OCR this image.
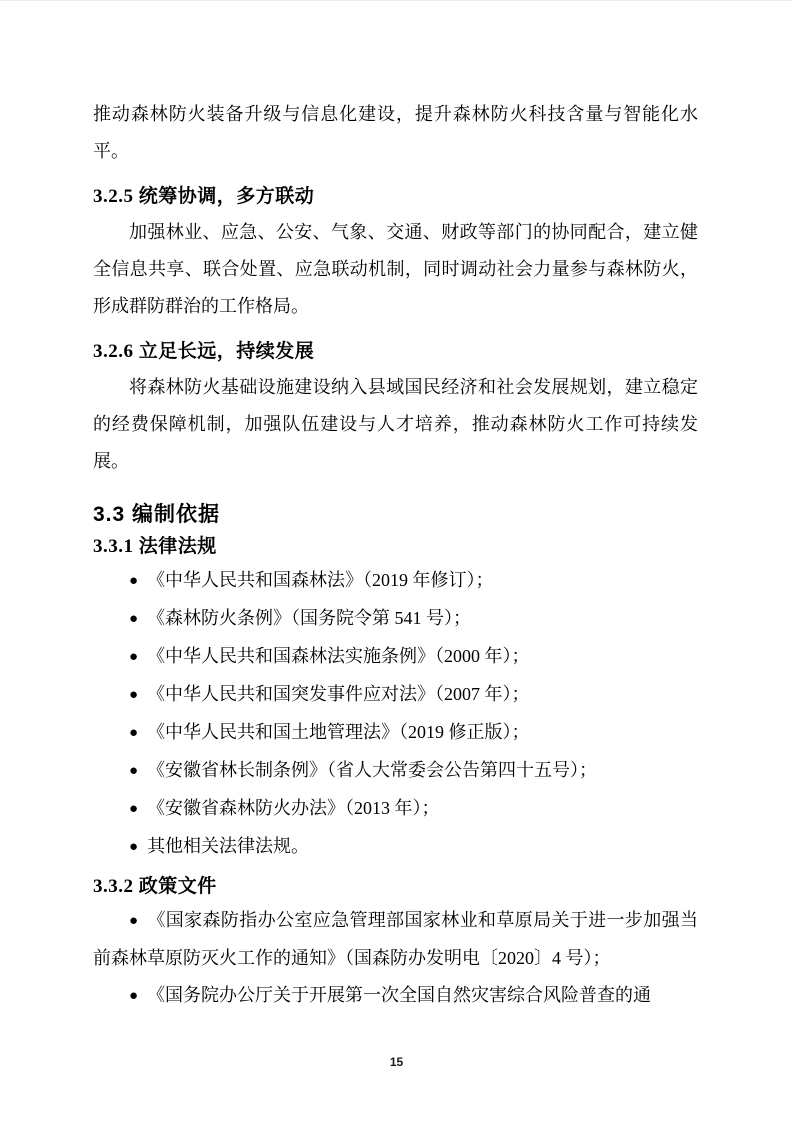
推动森林防火装备升级与信息化建设，提升森林防火科技含量与智能化水平。

3.2.5 统筹协调，多方联动

加强林业、应急、公安、气象、交通、财政等部门的协同配合，建立健全信息共享、联合处置、应急联动机制，同时调动社会力量参与森林防火，形成群防群治的工作格局。

3.2.6 立足长远，持续发展

将森林防火基础设施建设纳入县域国民经济和社会发展规划，建立稳定的经费保障机制，加强队伍建设与人才培养，推动森林防火工作可持续发展。

3.3 编制依据
3.3.1 法律法规
● 《中华人民共和国森林法》（2019 年修订）；
● 《森林防火条例》（国务院令第 541 号）；
● 《中华人民共和国森林法实施条例》（2000 年）；
● 《中华人民共和国突发事件应对法》（2007 年）；
● 《中华人民共和国土地管理法》（2019 修正版）；
● 《安徽省林长制条例》（省人大常委会公告第四十五号）；
● 《安徽省森林防火办法》（2013 年）；
● 其他相关法律法规。
3.3.2 政策文件

● 《国家森防指办公室应急管理部国家林业和草原局关于进一步加强当前森林草原防灭火工作的通知》（国森防办发明电〔2020〕4 号）；

● 《国务院办公厅关于开展第一次全国自然灾害综合风险普查的通

15
